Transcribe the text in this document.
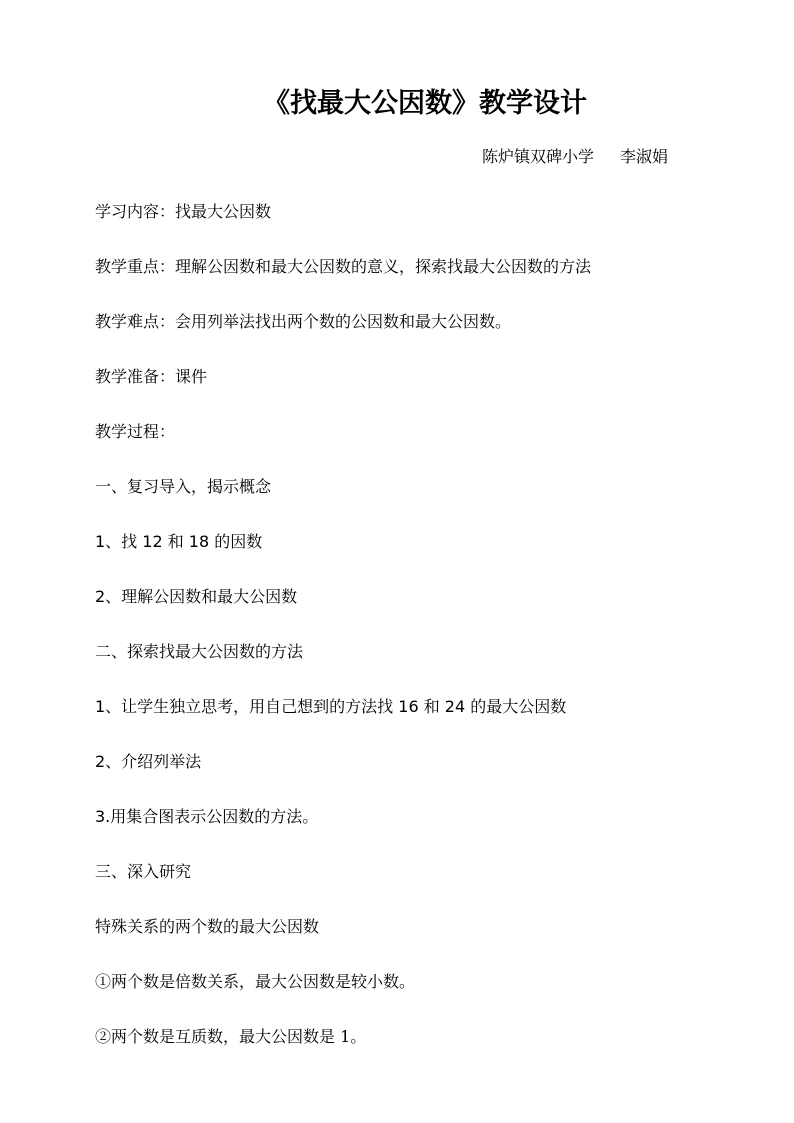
《找最大公因数》教学设计
陈炉镇双碑小学 李淑娟
学习内容：找最大公因数
教学重点：理解公因数和最大公因数的意义，探索找最大公因数的方法
教学难点：会用列举法找出两个数的公因数和最大公因数。
教学准备：课件
教学过程：
一、复习导入，揭示概念
1、找 12 和 18 的因数
2、理解公因数和最大公因数
二、探索找最大公因数的方法
1、让学生独立思考，用自己想到的方法找 16 和 24 的最大公因数
2、介绍列举法
3.用集合图表示公因数的方法。
三、深入研究
特殊关系的两个数的最大公因数
①两个数是倍数关系，最大公因数是较小数。
②两个数是互质数，最大公因数是 1。
